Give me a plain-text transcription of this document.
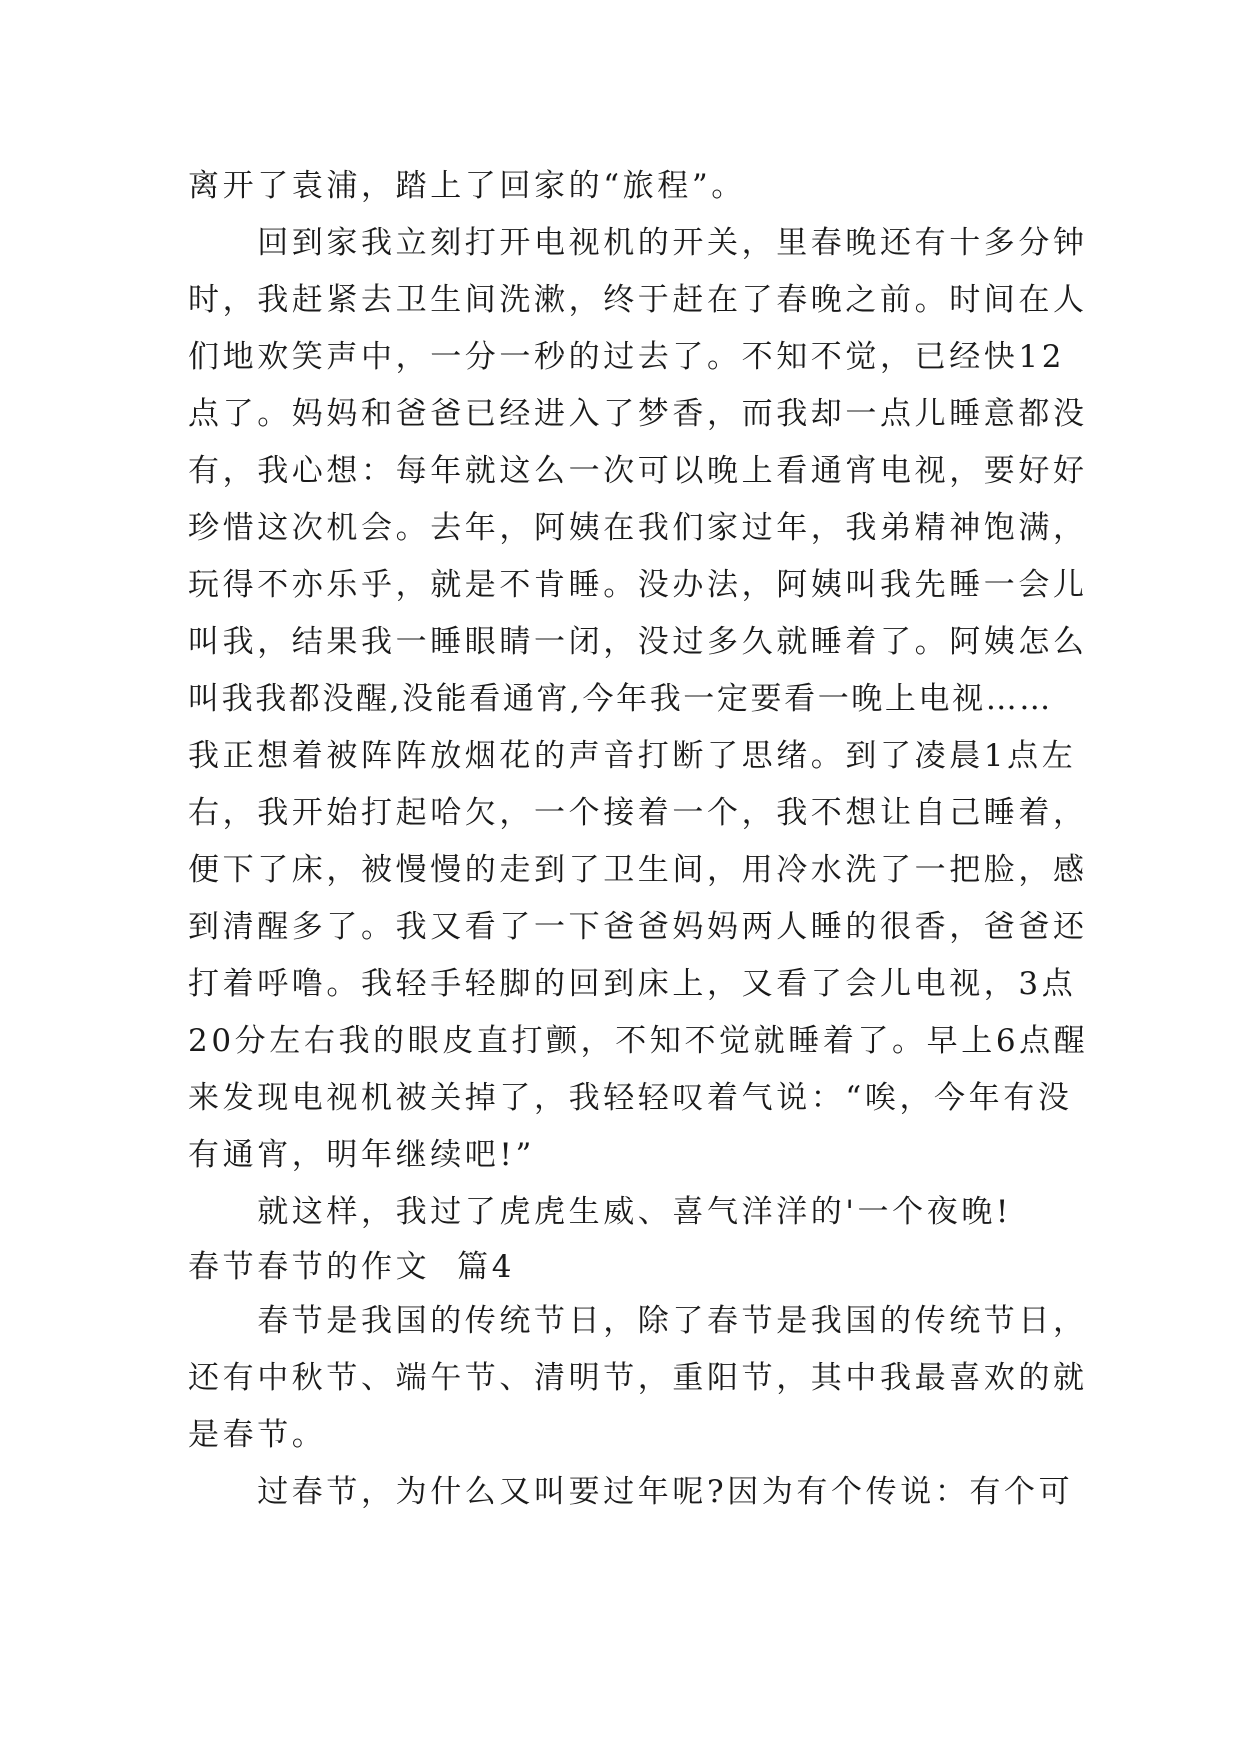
离开了袁浦，踏上了回家的“旅程”。
　　回到家我立刻打开电视机的开关，里春晚还有十多分钟
时，我赶紧去卫生间洗漱，终于赶在了春晚之前。时间在人
们地欢笑声中，一分一秒的过去了。不知不觉，已经快12
点了。妈妈和爸爸已经进入了梦香，而我却一点儿睡意都没
有，我心想：每年就这么一次可以晚上看通宵电视，要好好
珍惜这次机会。去年，阿姨在我们家过年，我弟精神饱满，
玩得不亦乐乎，就是不肯睡。没办法，阿姨叫我先睡一会儿
叫我，结果我一睡眼睛一闭，没过多久就睡着了。阿姨怎么
叫我我都没醒,没能看通宵,今年我一定要看一晚上电视……
我正想着被阵阵放烟花的声音打断了思绪。到了凌晨1点左
右，我开始打起哈欠，一个接着一个，我不想让自己睡着，
便下了床，被慢慢的走到了卫生间，用冷水洗了一把脸，感
到清醒多了。我又看了一下爸爸妈妈两人睡的很香，爸爸还
打着呼噜。我轻手轻脚的回到床上，又看了会儿电视，3点
20分左右我的眼皮直打颤，不知不觉就睡着了。早上6点醒
来发现电视机被关掉了，我轻轻叹着气说：“唉，今年有没
有通宵，明年继续吧!”
　　就这样，我过了虎虎生威、喜气洋洋的'一个夜晚!
春节春节的作文  篇4
　　春节是我国的传统节日，除了春节是我国的传统节日，
还有中秋节、端午节、清明节，重阳节，其中我最喜欢的就
是春节。
　　过春节，为什么又叫要过年呢?因为有个传说：有个可
